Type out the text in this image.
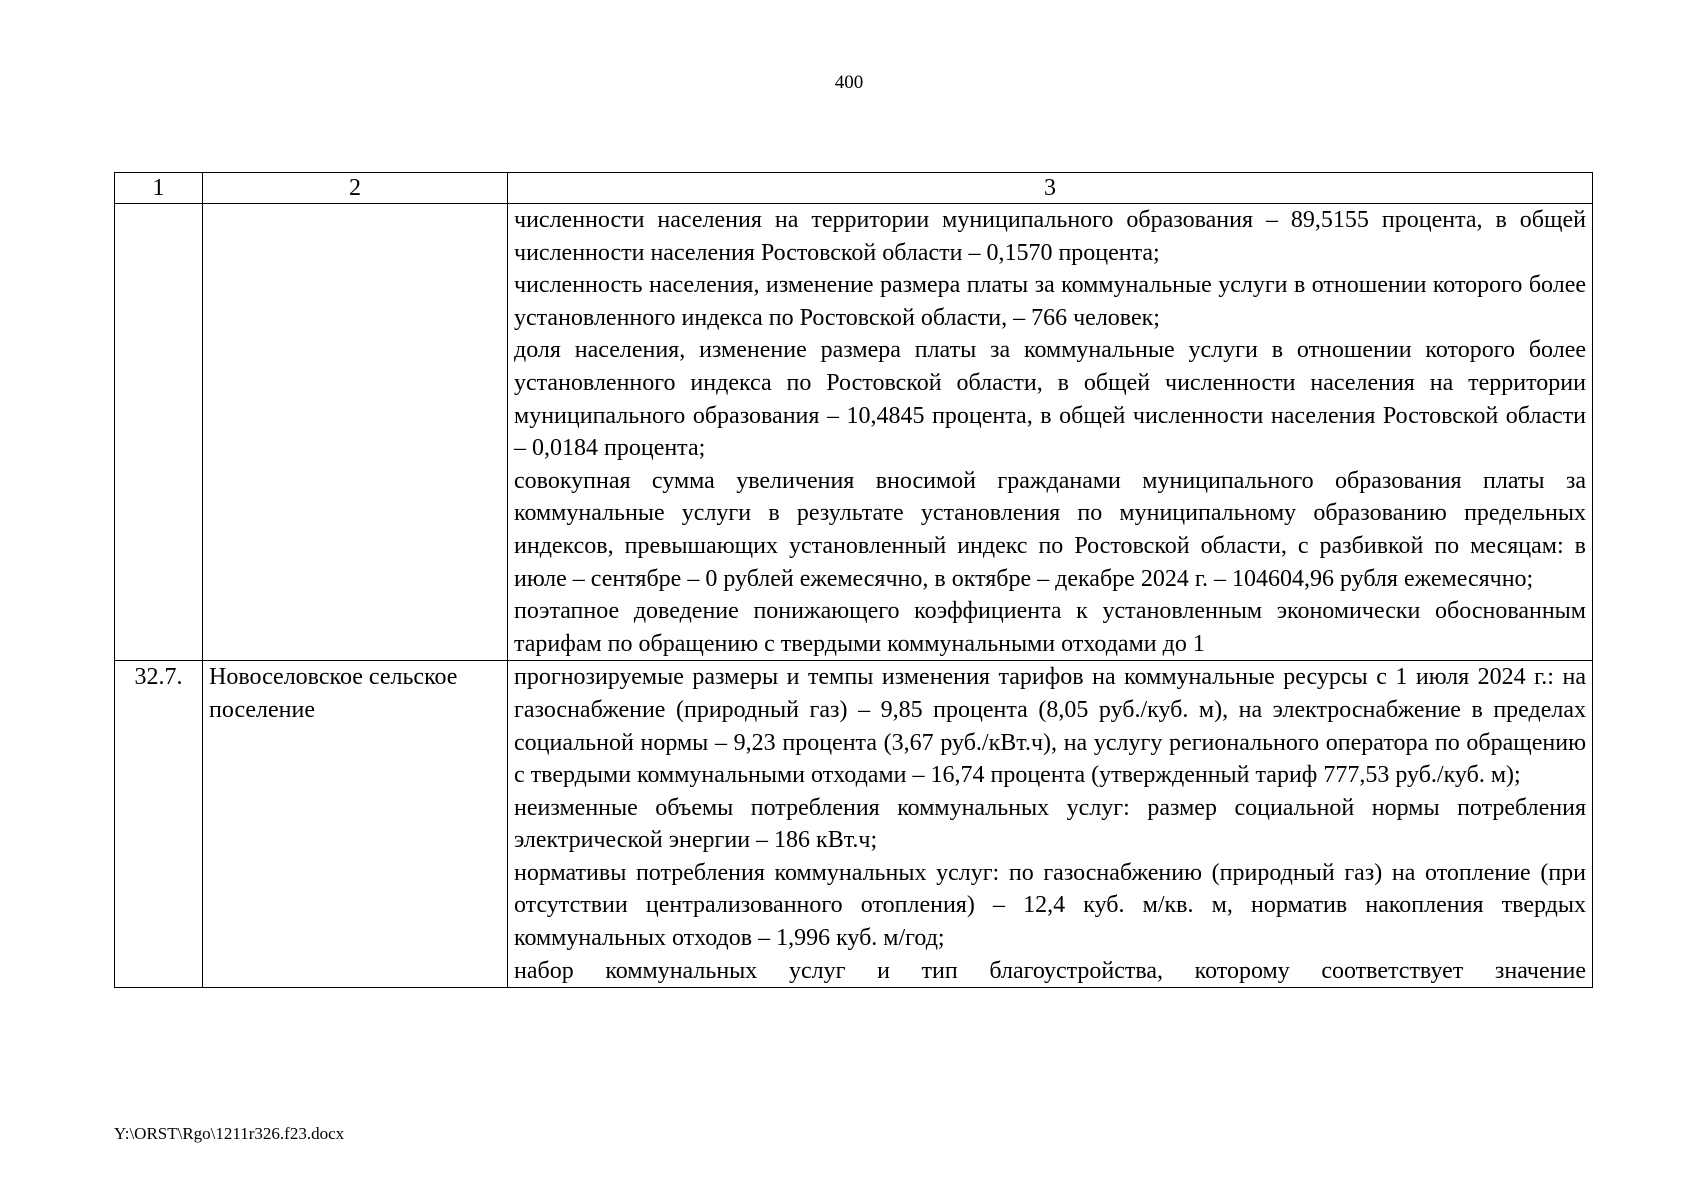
400
1	2	3

		численности населения на территории муниципального образования – 89,5155 процента, в общей численности населения Ростовской области – 0,1570 процента;
численность населения, изменение размера платы за коммунальные услуги в отношении которого более установленного индекса по Ростовской области, – 766 человек;
доля населения, изменение размера платы за коммунальные услуги в отношении которого более установленного индекса по Ростовской области, в общей численности населения на территории муниципального образования – 10,4845 процента, в общей численности населения Ростовской области – 0,0184 процента;
совокупная сумма увеличения вносимой гражданами муниципального образования платы за коммунальные услуги в результате установления по муниципальному образованию предельных индексов, превышающих установленный индекс по Ростовской области, с разбивкой по месяцам: в июле – сентябре – 0 рублей ежемесячно, в октябре – декабре 2024 г. – 104604,96 рубля ежемесячно;
поэтапное доведение понижающего коэффициента к установленным экономически обоснованным тарифам по обращению с твердыми коммунальными отходами до 1

32.7.	Новоселовское сельское поселение	прогнозируемые размеры и темпы изменения тарифов на коммунальные ресурсы с 1 июля 2024 г.: на газоснабжение (природный газ) – 9,85 процента (8,05 руб./куб. м), на электроснабжение в пределах социальной нормы – 9,23 процента (3,67 руб./кВт.ч), на услугу регионального оператора по обращению с твердыми коммунальными отходами – 16,74 процента (утвержденный тариф 777,53 руб./куб. м);
неизменные объемы потребления коммунальных услуг: размер социальной нормы потребления электрической энергии – 186 кВт.ч;
нормативы потребления коммунальных услуг: по газоснабжению (природный газ) на отопление (при отсутствии централизованного отопления) – 12,4 куб. м/кв. м, норматив накопления твердых коммунальных отходов – 1,996 куб. м/год;
набор коммунальных услуг и тип благоустройства, которому соответствует значение
Y:\ORST\Rgo\1211r326.f23.docx
